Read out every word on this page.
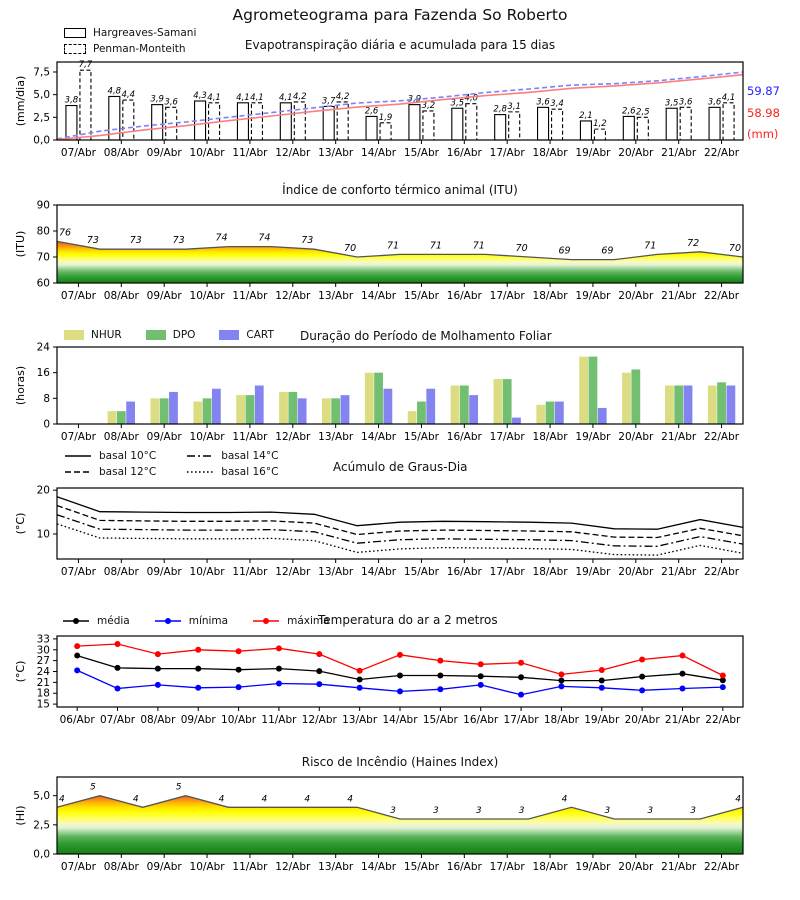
0,0
2,5
5,0
7,5
(mm/dia)
07/Abr 08/Abr 09/Abr 10/Abr 11/Abr 12/Abr 13/Abr 14/Abr 15/Abr 16/Abr 17/Abr 18/Abr 19/Abr 20/Abr 21/Abr 22/Abr
3,8
4,8
3,9	4,3	4,1	4,1	3,7
2,6
3,9	3,5
2,8
3,6
2,1	2,6
3,5	3,6
7,7
4,4
3,6	4,1	4,1	4,2	4,2
1,9
3,2
4,0
3,1	3,4
1,2
2,5
3,6	4,1
60
70
80
90
(ITU)
07/Abr 08/Abr 09/Abr 10/Abr 11/Abr 12/Abr 13/Abr 14/Abr 15/Abr 16/Abr 17/Abr 18/Abr 19/Abr 20/Abr 21/Abr 22/Abr
76
73	73	73	74	74	73
70	71	71	71	70	69	69	71	72	70
0
8
16
24
(horas)
07/Abr 08/Abr 09/Abr 10/Abr 11/Abr 12/Abr 13/Abr 14/Abr 15/Abr 16/Abr 17/Abr 18/Abr 19/Abr 20/Abr 21/Abr 22/Abr
10
20
(°C)
07/Abr 08/Abr 09/Abr 10/Abr 11/Abr 12/Abr 13/Abr 14/Abr 15/Abr 16/Abr 17/Abr 18/Abr 19/Abr 20/Abr 21/Abr 22/Abr
15
18
21
24
27
30
33
(°C)
06/Abr 07/Abr 08/Abr 09/Abr 10/Abr 11/Abr 12/Abr 13/Abr 14/Abr 15/Abr 16/Abr 17/Abr 18/Abr 19/Abr 20/Abr 21/Abr 22/Abr
0,0
2,5
5,0
(HI)
07/Abr 08/Abr 09/Abr 10/Abr 11/Abr 12/Abr 13/Abr 14/Abr 15/Abr 16/Abr 17/Abr 18/Abr 19/Abr 20/Abr 21/Abr 22/Abr
4
5
4
5
4	4	4	4
3	3	3	3
4
3	3	3
4
Agrometeograma para Fazenda So Roberto
Hargreaves-Samani
Penman-Monteith	Evapotranspiração diária e acumulada para 15 dias
59.87
58.98
(mm)
Índice de conforto térmico animal (ITU)
NHUR	DPO	CART Duração do Período de Molhamento Foliar
basal 10°C
basal 12°C
basal 14°C
basal 16°C	Acúmulo de Graus-Dia
média	mínima	máxima
Temperatura do ar a 2 metros
Risco de Incêndio (Haines Index)
